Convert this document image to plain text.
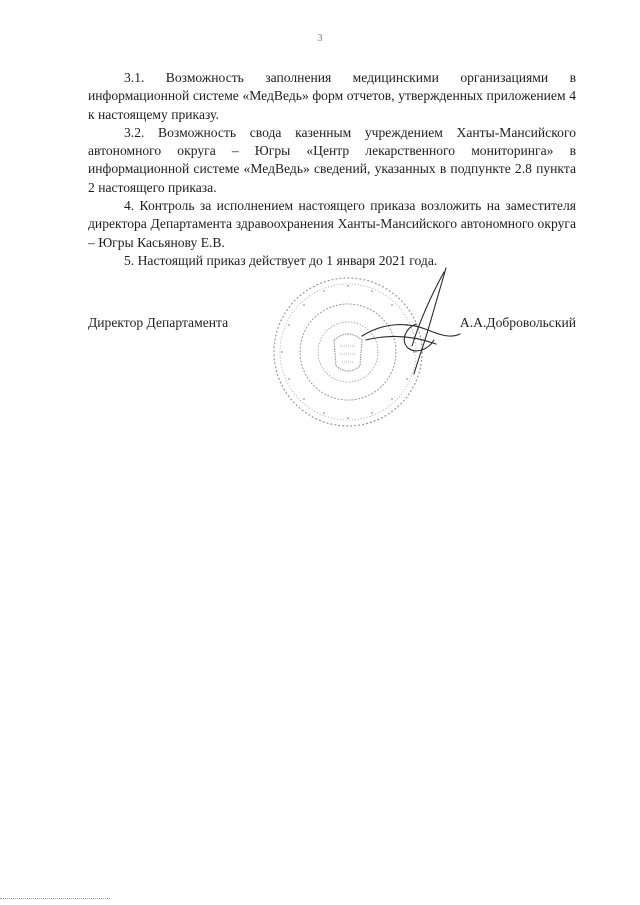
3

3.1. Возможность заполнения медицинскими организациями в информационной системе «МедВедь» форм отчетов, утвержденных приложением 4 к настоящему приказу.

3.2. Возможность свода казенным учреждением Ханты-Мансийского автономного округа – Югры «Центр лекарственного мониторинга» в информационной системе «МедВедь» сведений, указанных в подпункте 2.8 пункта 2 настоящего приказа.

4. Контроль за исполнением настоящего приказа возложить на заместителя директора Департамента здравоохранения Ханты-Мансийского автономного округа – Югры Касьянову Е.В.

5. Настоящий приказ действует до 1 января 2021 года.

Директор Департамента	А.А.Добровольский
